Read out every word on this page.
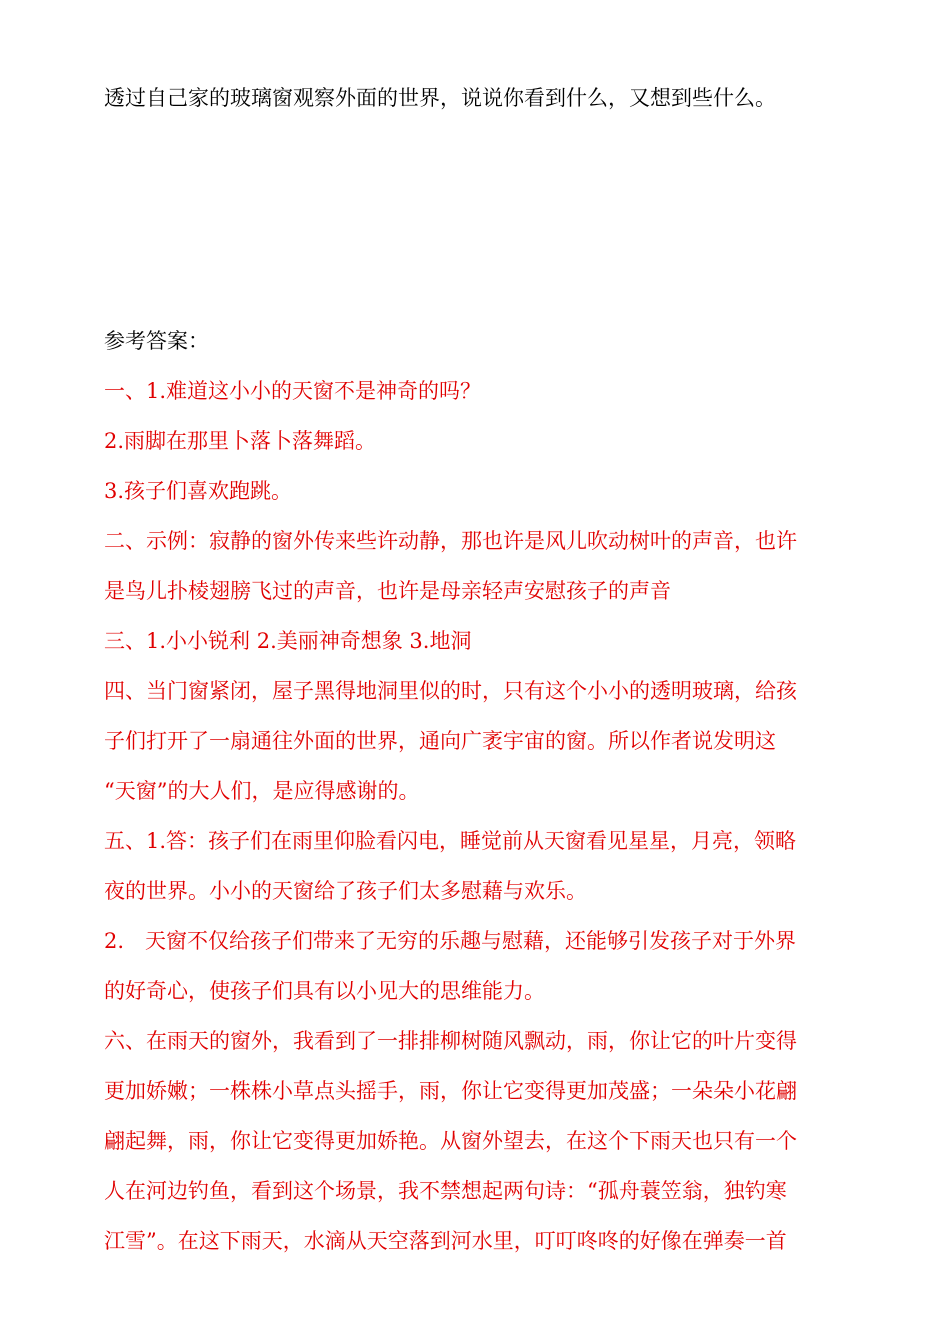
透过自己家的玻璃窗观察外面的世界，说说你看到什么，又想到些什么。
参考答案：
一、1.难道这小小的天窗不是神奇的吗？
2.雨脚在那里卜落卜落舞蹈。
3.孩子们喜欢跑跳。
二、示例：寂静的窗外传来些许动静，那也许是风儿吹动树叶的声音，也许
是鸟儿扑棱翅膀飞过的声音，也许是母亲轻声安慰孩子的声音
三、1.小小锐利 2.美丽神奇想象 3.地洞
四、当门窗紧闭，屋子黑得地洞里似的时，只有这个小小的透明玻璃，给孩
子们打开了一扇通往外面的世界，通向广袤宇宙的窗。所以作者说发明这
“天窗”的大人们，是应得感谢的。
五、1.答：孩子们在雨里仰脸看闪电，睡觉前从天窗看见星星，月亮，领略
夜的世界。小小的天窗给了孩子们太多慰藉与欢乐。
2.　天窗不仅给孩子们带来了无穷的乐趣与慰藉，还能够引发孩子对于外界
的好奇心，使孩子们具有以小见大的思维能力。
六、在雨天的窗外，我看到了一排排柳树随风飘动，雨，你让它的叶片变得
更加娇嫩；一株株小草点头摇手，雨，你让它变得更加茂盛；一朵朵小花翩
翩起舞，雨，你让它变得更加娇艳。从窗外望去，在这个下雨天也只有一个
人在河边钓鱼，看到这个场景，我不禁想起两句诗：“孤舟蓑笠翁，独钓寒
江雪”。在这下雨天，水滴从天空落到河水里，叮叮咚咚的好像在弹奏一首
